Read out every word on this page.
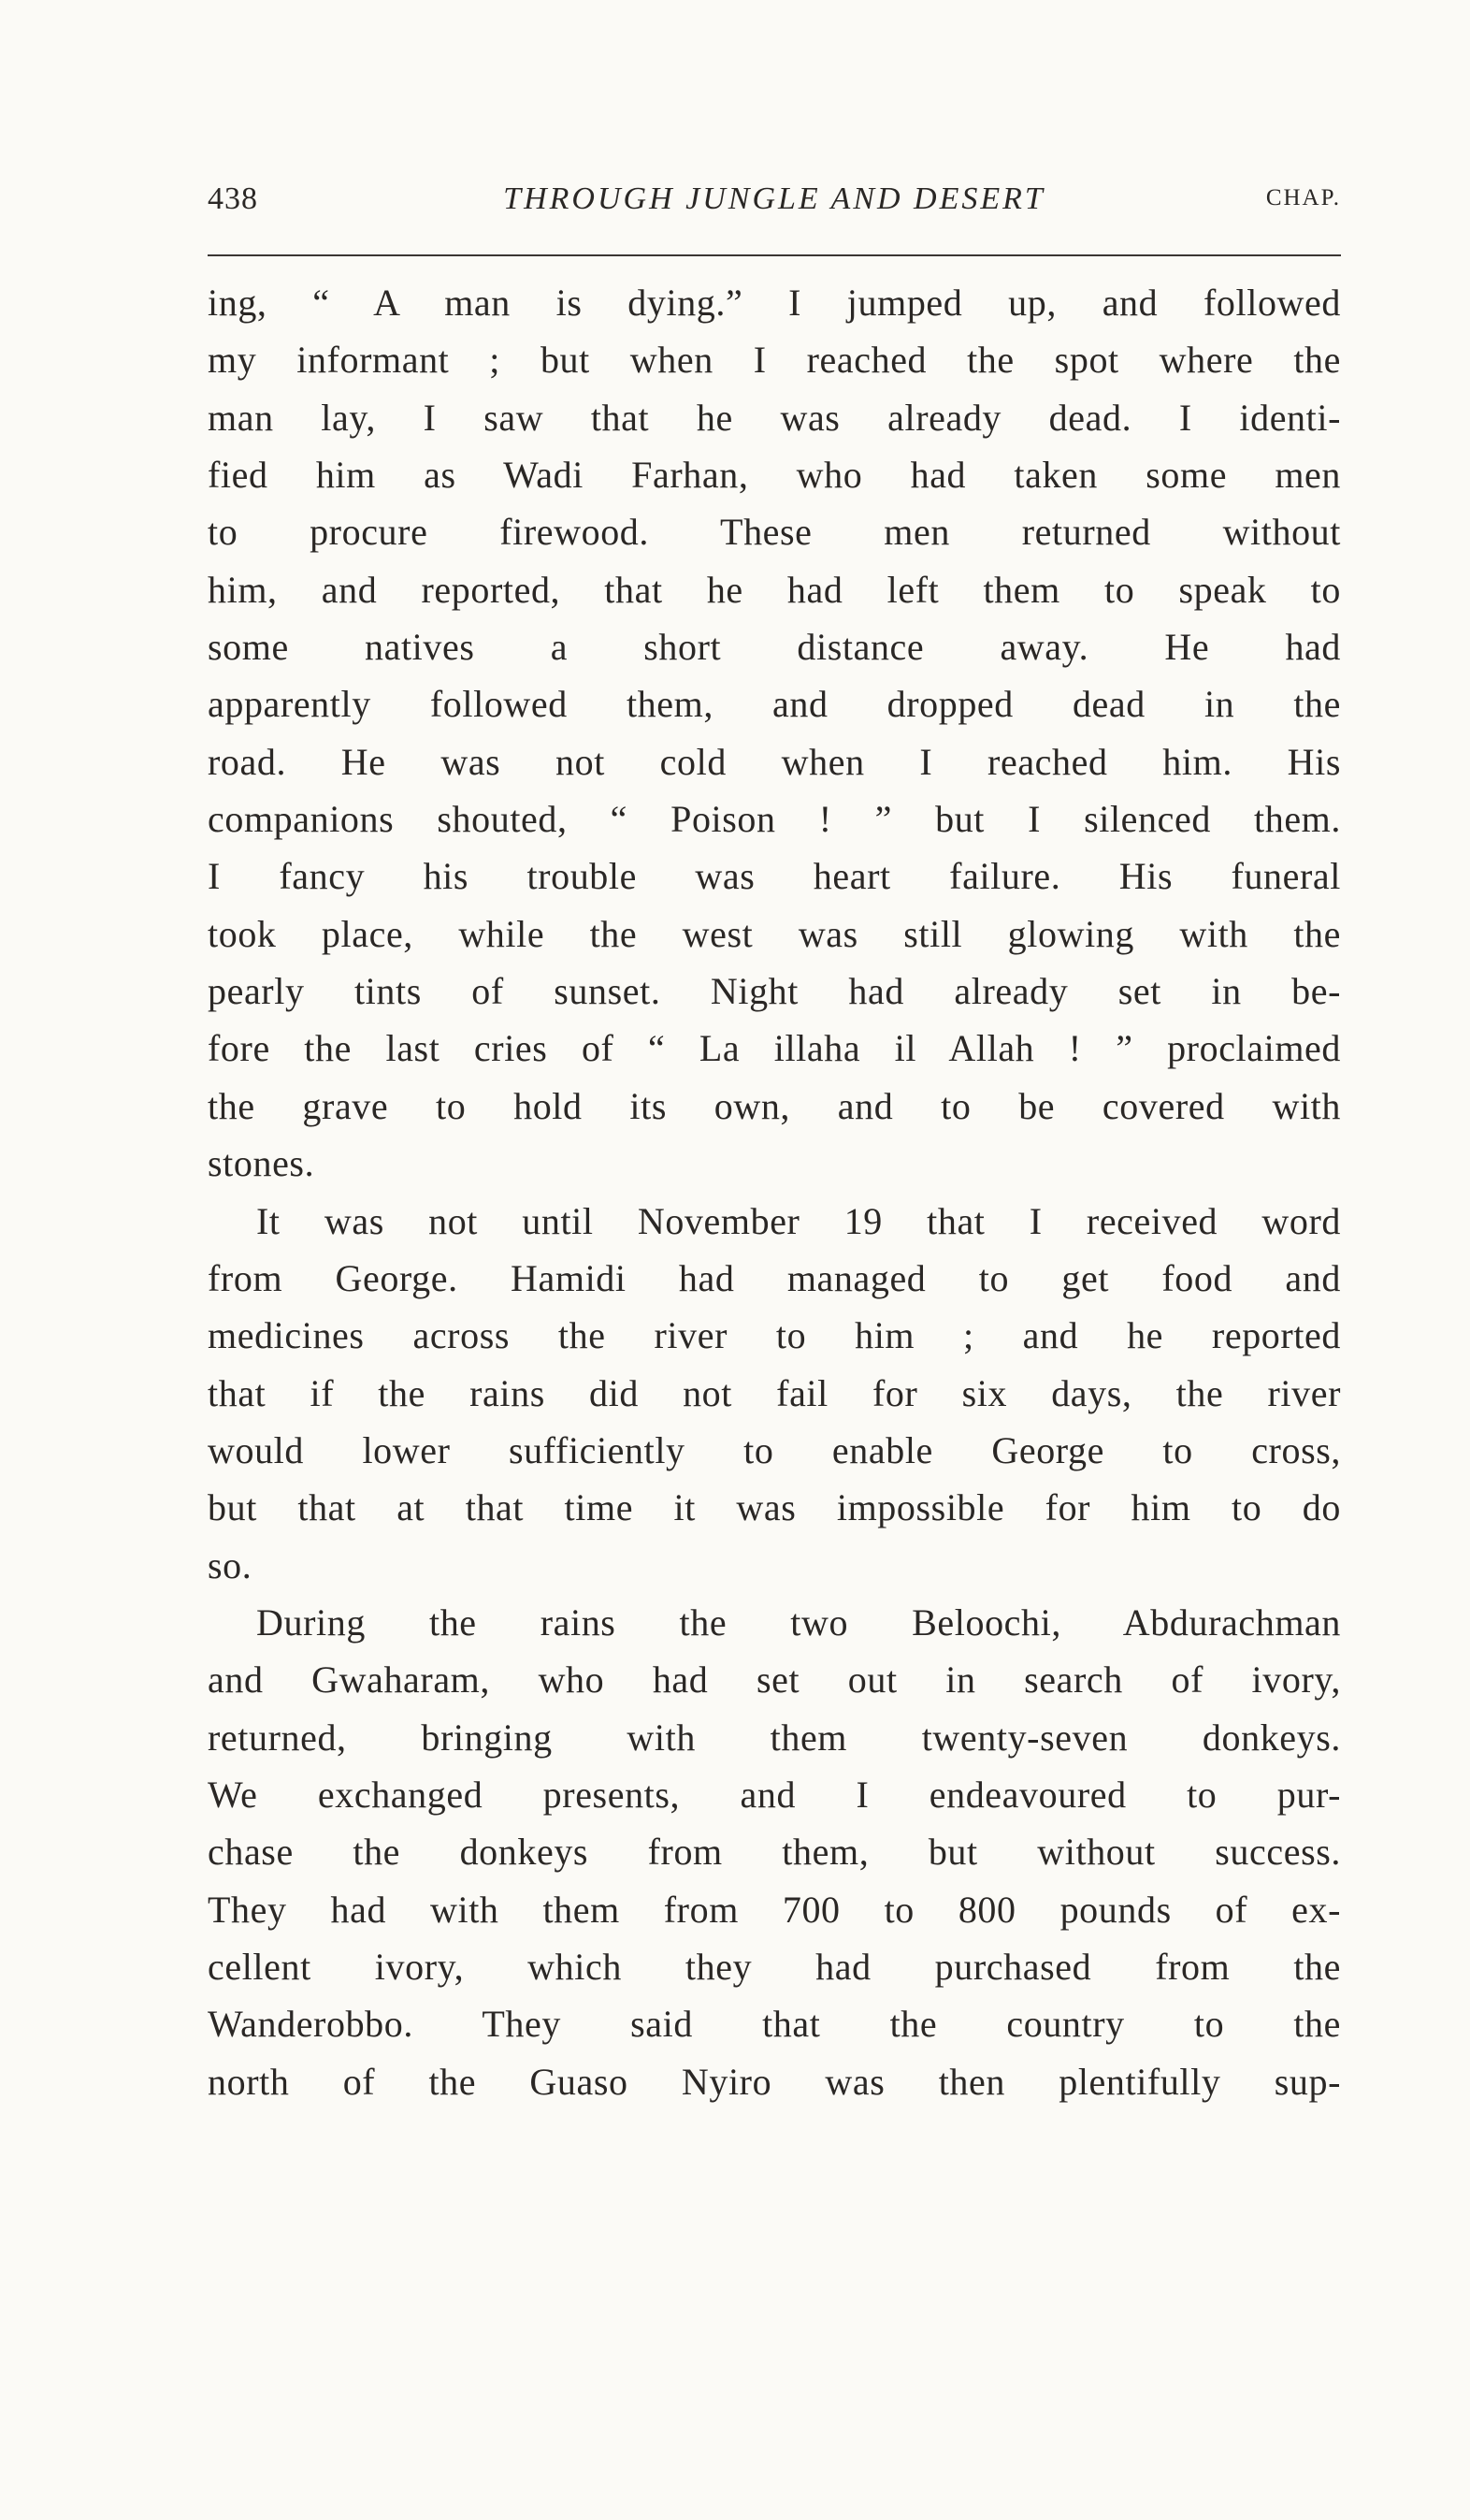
438	THROUGH JUNGLE AND DESERT	CHAP.
ing, “ A man is dying.” I jumped up, and followed
my informant ; but when I reached the spot where the
man lay, I saw that he was already dead. I identi-
fied him as Wadi Farhan, who had taken some men
to procure firewood. These men returned without
him, and reported, that he had left them to speak to
some natives a short distance away. He had
apparently followed them, and dropped dead in the
road. He was not cold when I reached him. His
companions shouted, “ Poison ! ” but I silenced them.
I fancy his trouble was heart failure. His funeral
took place, while the west was still glowing with the
pearly tints of sunset. Night had already set in be-
fore the last cries of “ La illaha il Allah ! ” proclaimed
the grave to hold its own, and to be covered with
stones.
It was not until November 19 that I received word
from George. Hamidi had managed to get food and
medicines across the river to him ; and he reported
that if the rains did not fail for six days, the river
would lower sufficiently to enable George to cross,
but that at that time it was impossible for him to do
so.
During the rains the two Beloochi, Abdurachman
and Gwaharam, who had set out in search of ivory,
returned, bringing with them twenty-seven donkeys.
We exchanged presents, and I endeavoured to pur-
chase the donkeys from them, but without success.
They had with them from 700 to 800 pounds of ex-
cellent ivory, which they had purchased from the
Wanderobbo. They said that the country to the
north of the Guaso Nyiro was then plentifully sup-
